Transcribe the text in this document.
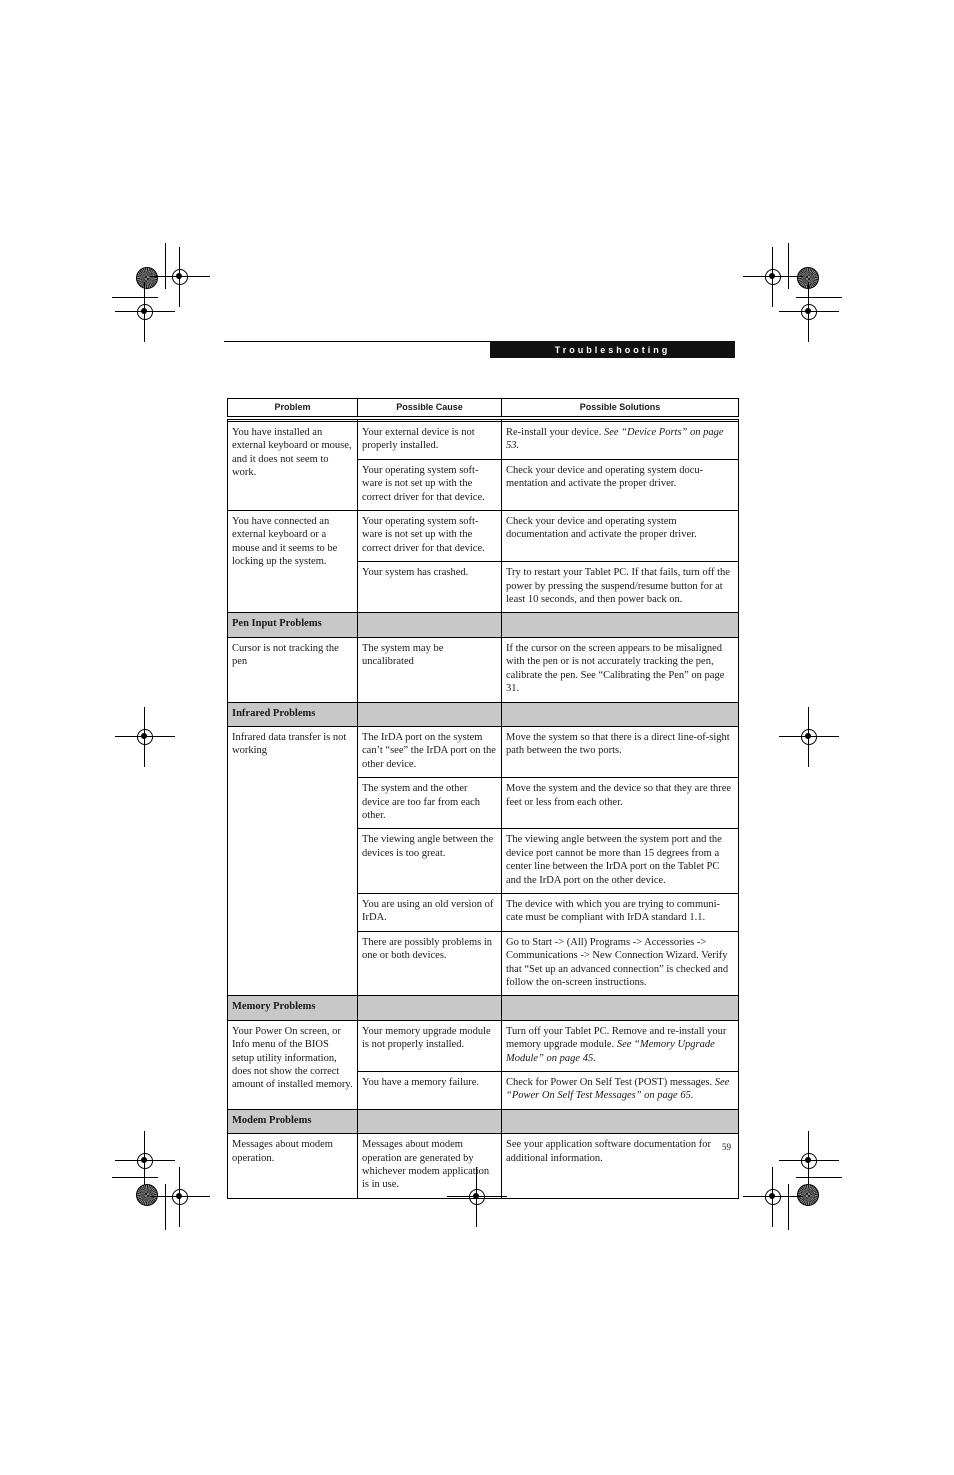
Troubleshooting
Problem	Possible Cause	Possible Solutions

You have installed an external keyboard or mouse, and it does not seem to work.	Your external device is not properly installed.	Re-install your device. See “Device Ports” on page 53.
	Your operating system soft-ware is not set up with the correct driver for that device.	Check your device and operating system docu-mentation and activate the proper driver.
You have connected an external keyboard or a mouse and it seems to be locking up the system.	Your operating system soft-ware is not set up with the correct driver for that device.	Check your device and operating system documentation and activate the proper driver.
	Your system has crashed.	Try to restart your Tablet PC. If that fails, turn off the power by pressing the suspend/resume button for at least 10 seconds, and then power back on.
Pen Input Problems		
Cursor is not tracking the pen	The system may be uncalibrated	If the cursor on the screen appears to be misaligned with the pen or is not accurately tracking the pen, calibrate the pen. See “Calibrating the Pen” on page 31.
Infrared Problems		
Infrared data transfer is not working	The IrDA port on the system can’t “see” the IrDA port on the other device.	Move the system so that there is a direct line-of-sight path between the two ports.
	The system and the other device are too far from each other.	Move the system and the device so that they are three feet or less from each other.
	The viewing angle between the devices is too great.	The viewing angle between the system port and the device port cannot be more than 15 degrees from a center line between the IrDA port on the Tablet PC and the IrDA port on the other device.
	You are using an old version of IrDA.	The device with which you are trying to communi-cate must be compliant with IrDA standard 1.1.
	There are possibly problems in one or both devices.	Go to Start -> (All) Programs -> Accessories -> Communications -> New Connection Wizard. Verify that “Set up an advanced connection” is checked and follow the on-screen instructions.
Memory Problems		
Your Power On screen, or Info menu of the BIOS setup utility information, does not show the correct amount of installed memory.	Your memory upgrade module is not properly installed.	Turn off your Tablet PC. Remove and re-install your memory upgrade module. See “Memory Upgrade Module” on page 45.
	You have a memory failure.	Check for Power On Self Test (POST) messages. See “Power On Self Test Messages” on page 65.
Modem Problems		
Messages about modem operation.	Messages about modem operation are generated by whichever modem application is in use.	See your application software documentation for additional information.
59
